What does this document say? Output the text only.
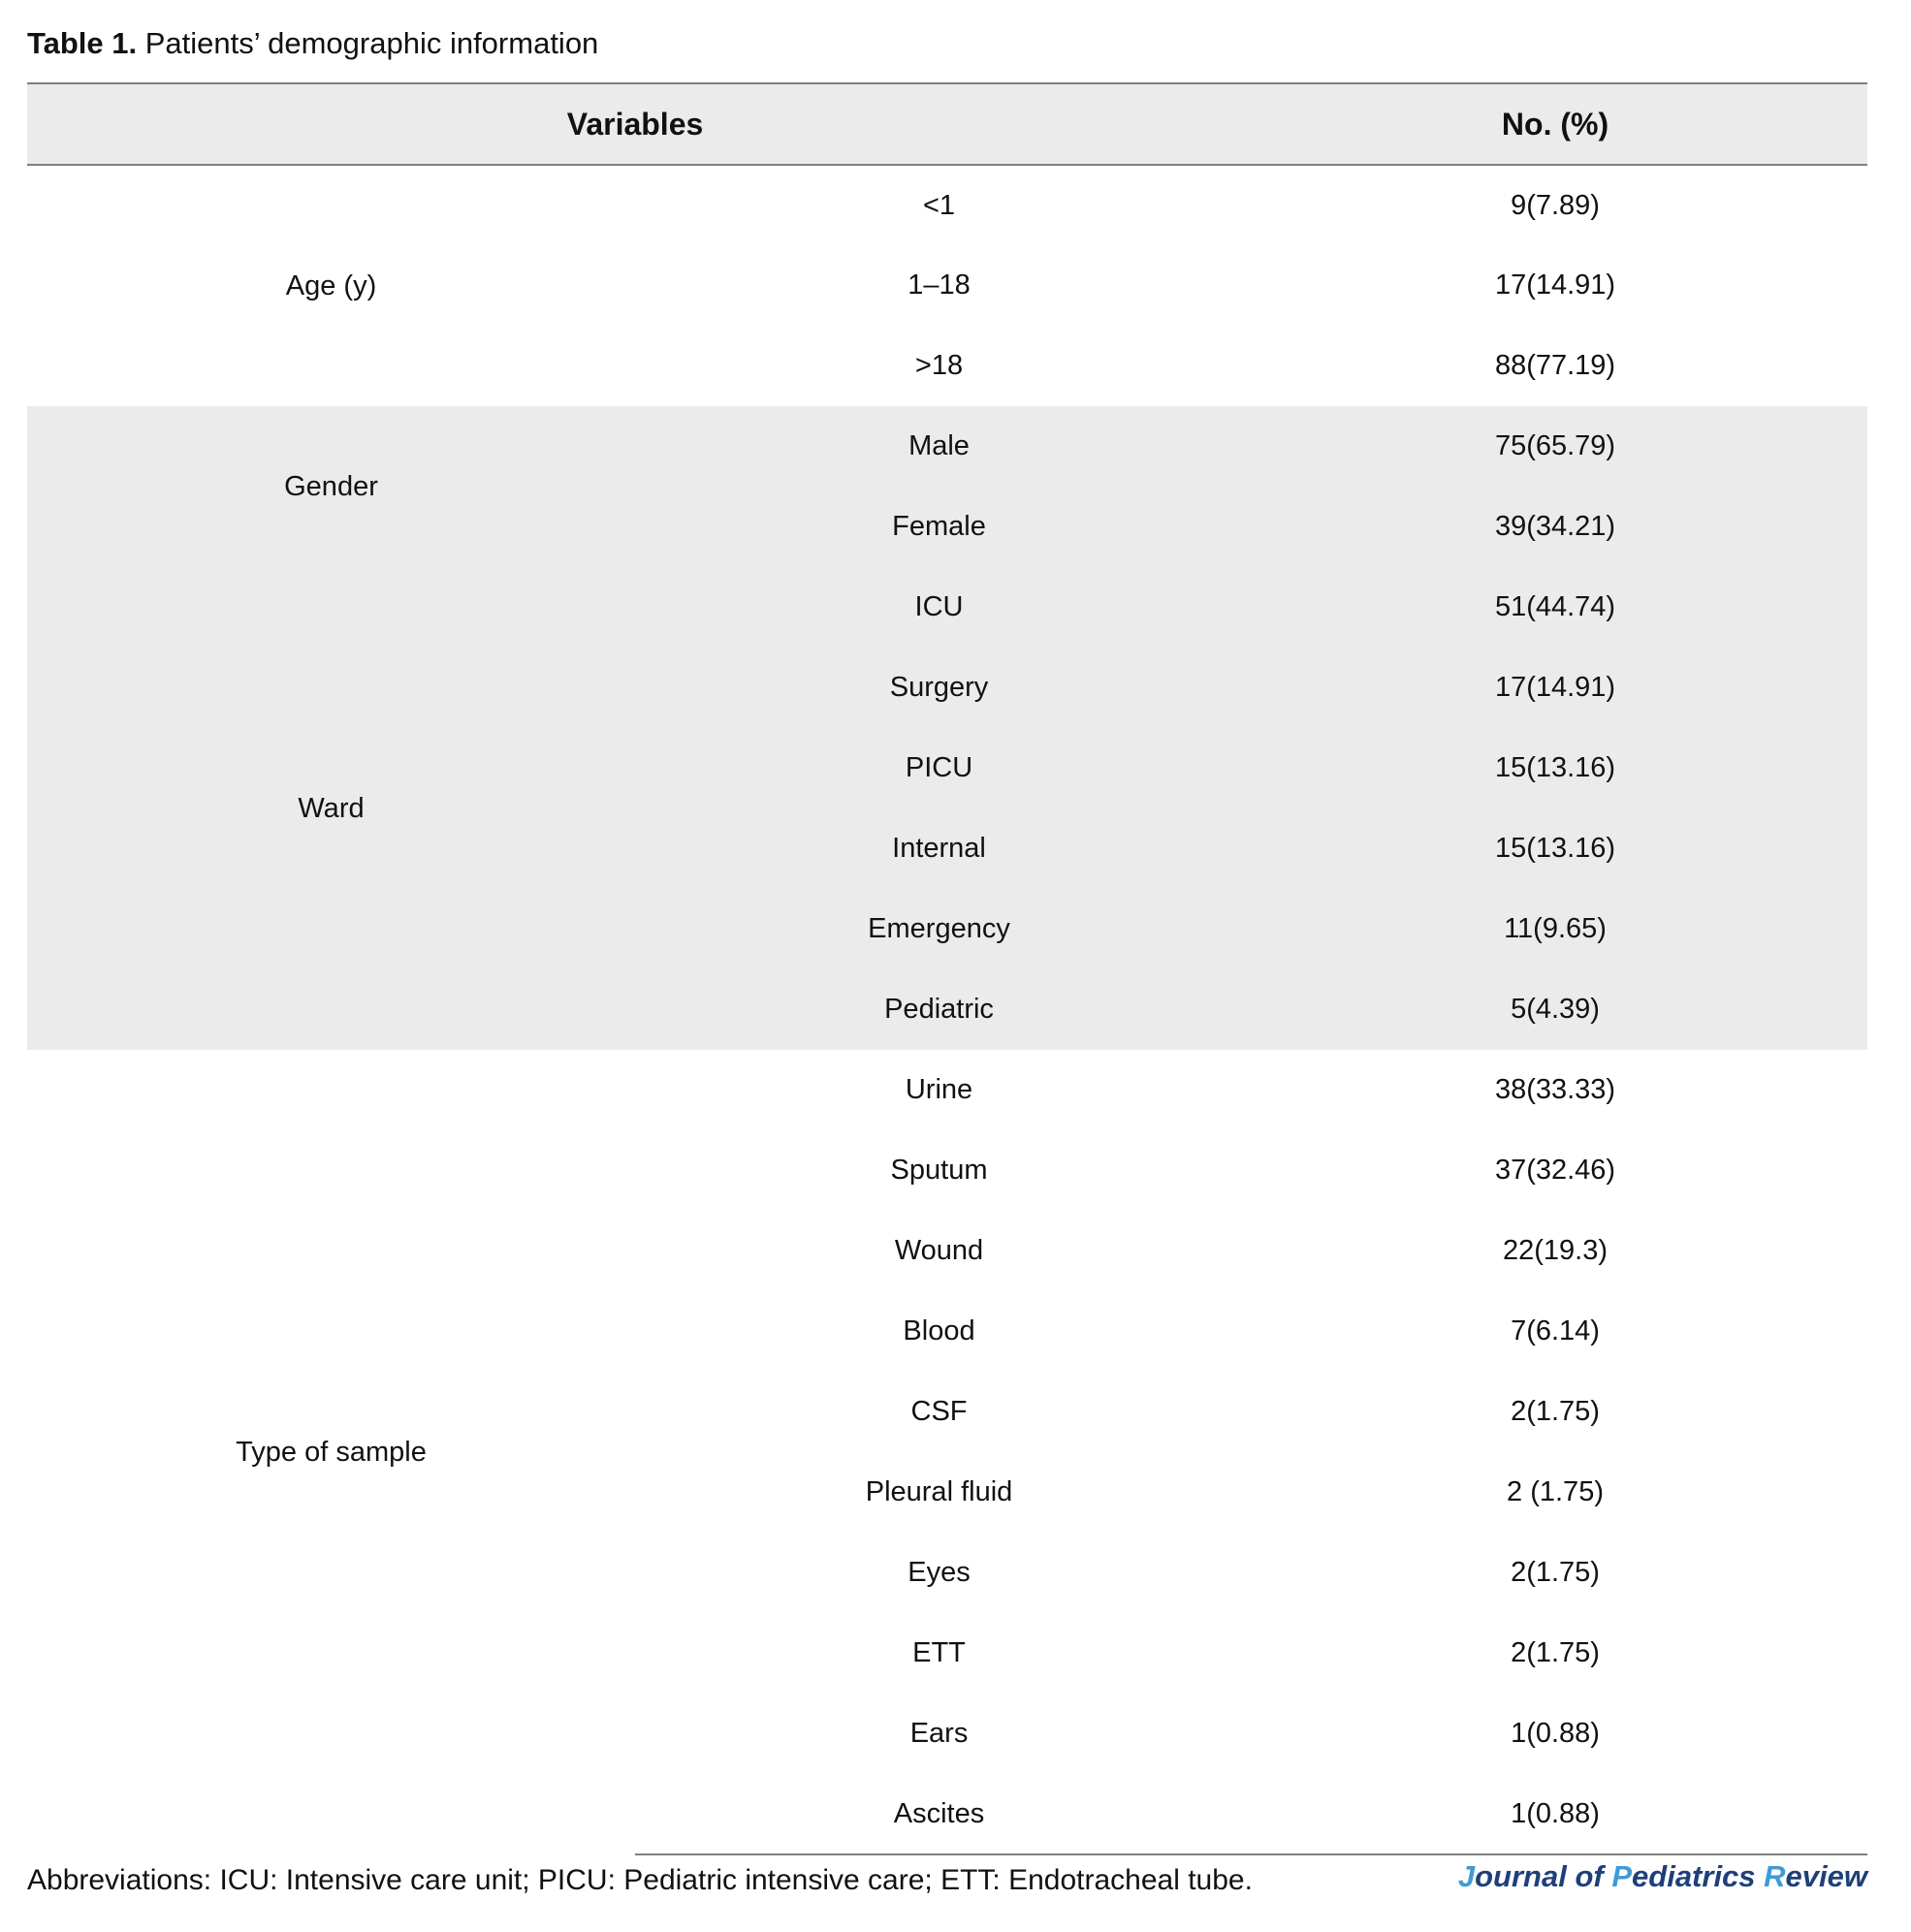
Table 1. Patients’ demographic information
Variables		No. (%)
Age (y)	<1	9(7.89)
	1–18	17(14.91)
	>18	88(77.19)
Gender	Male	75(65.79)
	Female	39(34.21)
Ward	ICU	51(44.74)
	Surgery	17(14.91)
	PICU	15(13.16)
	Internal	15(13.16)
	Emergency	11(9.65)
	Pediatric	5(4.39)
Type of sample	Urine	38(33.33)
	Sputum	37(32.46)
	Wound	22(19.3)
	Blood	7(6.14)
	CSF	2(1.75)
	Pleural fluid	2 (1.75)
	Eyes	2(1.75)
	ETT	2(1.75)
	Ears	1(0.88)
	Ascites	1(0.88)
Abbreviations: ICU: Intensive care unit; PICU: Pediatric intensive care; ETT: Endotracheal tube.	Journal of Pediatrics Review
